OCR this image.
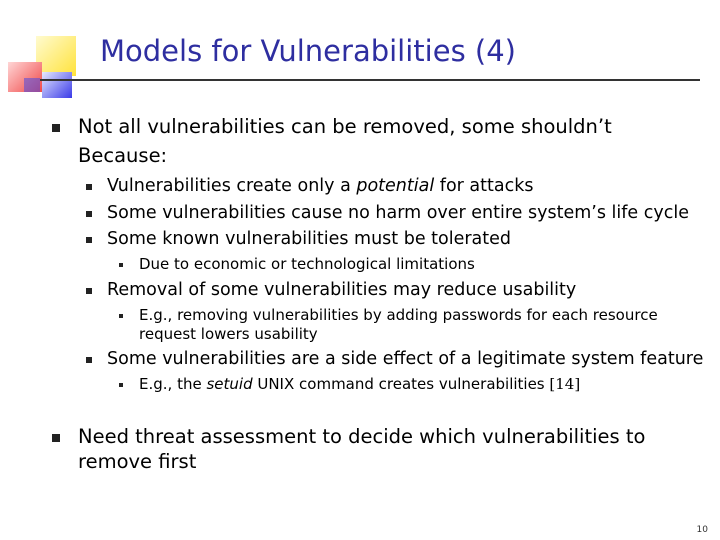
Models for Vulnerabilities (4)
Not all vulnerabilities can be removed, some shouldn’t
Because:
Vulnerabilities create only a potential for attacks
Some vulnerabilities cause no harm over entire system’s life cycle
Some known vulnerabilities must be tolerated
Due to economic or technological limitations
Removal of some vulnerabilities may reduce usability
E.g., removing vulnerabilities by adding passwords for each resource
request lowers usability
Some vulnerabilities are a side effect of a legitimate system feature
E.g., the setuid UNIX command creates vulnerabilities [14]
Need threat assessment to decide which vulnerabilities to
remove first
10
